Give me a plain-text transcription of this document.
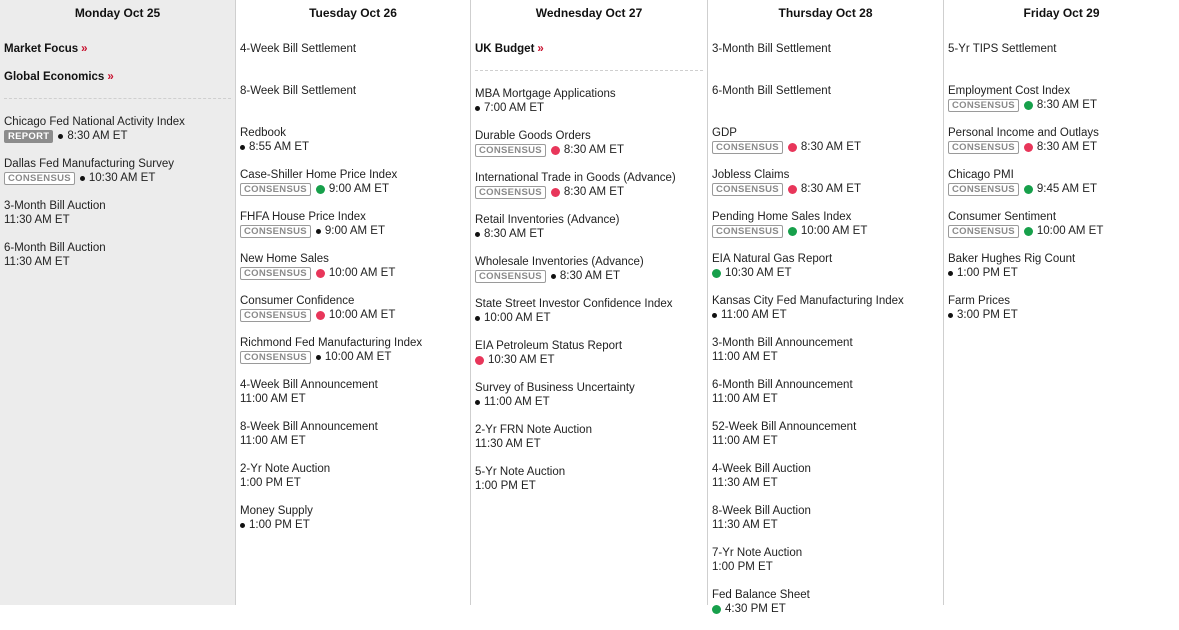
Monday Oct 25
Market Focus »
Global Economics »
Chicago Fed National Activity Index
REPORT	8:30 AM ET
Dallas Fed Manufacturing Survey
CONSENSUS	10:30 AM ET
3-Month Bill Auction
11:30 AM ET
6-Month Bill Auction
11:30 AM ET
Tuesday Oct 26
4-Week Bill Settlement
8-Week Bill Settlement
Redbook
8:55 AM ET
Case-Shiller Home Price Index
CONSENSUS	9:00 AM ET
FHFA House Price Index
CONSENSUS	9:00 AM ET
New Home Sales
CONSENSUS	10:00 AM ET
Consumer Confidence
CONSENSUS	10:00 AM ET
Richmond Fed Manufacturing Index
CONSENSUS	10:00 AM ET
4-Week Bill Announcement
11:00 AM ET
8-Week Bill Announcement
11:00 AM ET
2-Yr Note Auction
1:00 PM ET
Money Supply
1:00 PM ET
Wednesday Oct 27
UK Budget »
MBA Mortgage Applications
7:00 AM ET
Durable Goods Orders
CONSENSUS	8:30 AM ET
International Trade in Goods (Advance)
CONSENSUS	8:30 AM ET
Retail Inventories (Advance)
8:30 AM ET
Wholesale Inventories (Advance)
CONSENSUS	8:30 AM ET
State Street Investor Confidence Index
10:00 AM ET
EIA Petroleum Status Report
10:30 AM ET
Survey of Business Uncertainty
11:00 AM ET
2-Yr FRN Note Auction
11:30 AM ET
5-Yr Note Auction
1:00 PM ET
Thursday Oct 28
3-Month Bill Settlement
6-Month Bill Settlement
GDP
CONSENSUS	8:30 AM ET
Jobless Claims
CONSENSUS	8:30 AM ET
Pending Home Sales Index
CONSENSUS	10:00 AM ET
EIA Natural Gas Report
10:30 AM ET
Kansas City Fed Manufacturing Index
11:00 AM ET
3-Month Bill Announcement
11:00 AM ET
6-Month Bill Announcement
11:00 AM ET
52-Week Bill Announcement
11:00 AM ET
4-Week Bill Auction
11:30 AM ET
8-Week Bill Auction
11:30 AM ET
7-Yr Note Auction
1:00 PM ET
Fed Balance Sheet
4:30 PM ET
Friday Oct 29
5-Yr TIPS Settlement
Employment Cost Index
CONSENSUS	8:30 AM ET
Personal Income and Outlays
CONSENSUS	8:30 AM ET
Chicago PMI
CONSENSUS	9:45 AM ET
Consumer Sentiment
CONSENSUS	10:00 AM ET
Baker Hughes Rig Count
1:00 PM ET
Farm Prices
3:00 PM ET
